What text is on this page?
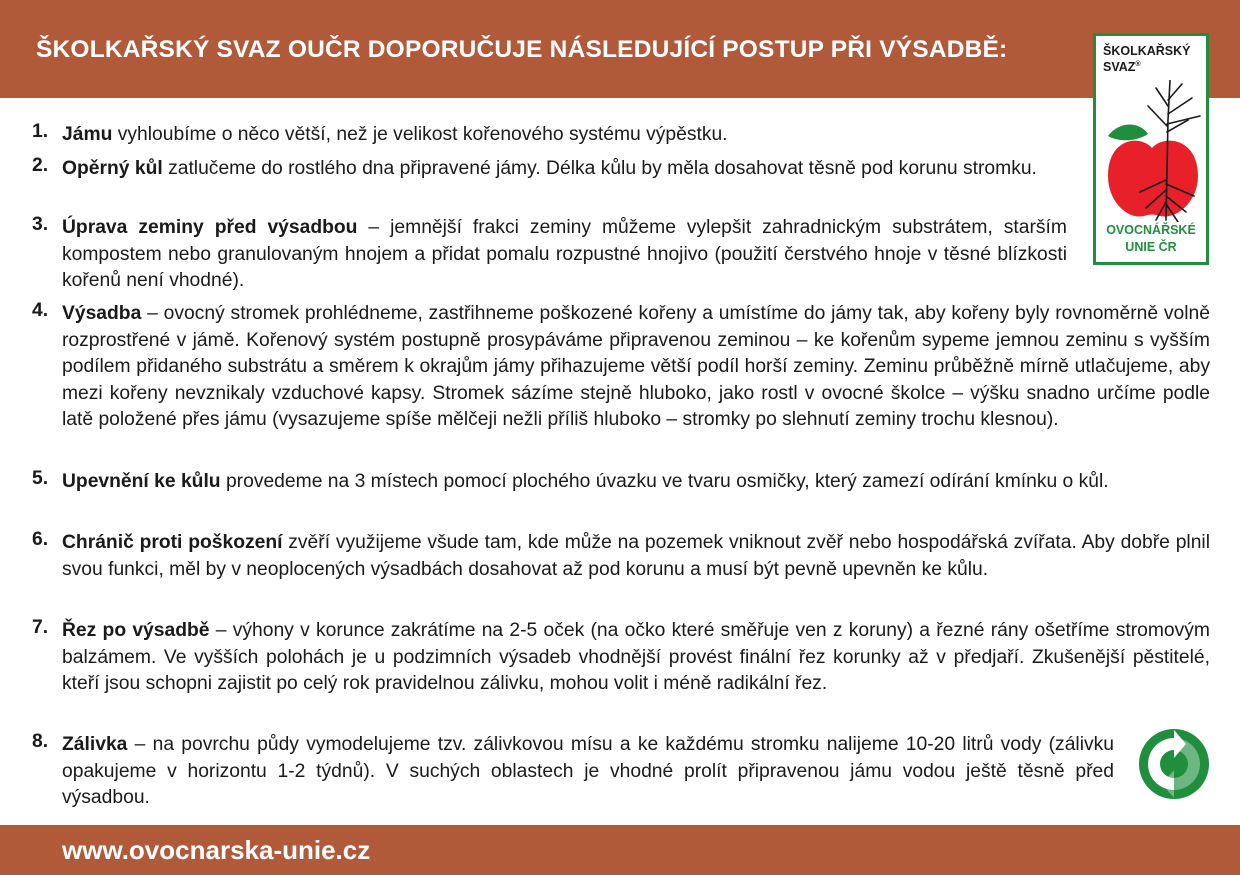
ŠKOLKAŘSKÝ SVAZ OUČR DOPORUČUJE NÁSLEDUJÍCÍ POSTUP PŘI VÝSADBĚ:	ŠKOLKAŘSKÝ
SVAZ®
OVOCNÁŘSKÉ
UNIE ČR
1. Jámu vyhloubíme o něco větší, než je velikost kořenového systému výpěstku.
2. Opěrný kůl zatlučeme do rostlého dna připravené jámy. Délka kůlu by měla dosahovat těsně pod korunu stromku.
3. Úprava zeminy před výsadbou – jemnější frakci zeminy můžeme vylepšit zahradnickým substrátem, starším kompostem nebo granulovaným hnojem a přidat pomalu rozpustné hnojivo (použití čerstvého hnoje v těsné blízkosti kořenů není vhodné).
4. Výsadba – ovocný stromek prohlédneme, zastřihneme poškozené kořeny a umístíme do jámy tak, aby kořeny byly rovnoměrně volně rozprostřené v jámě. Kořenový systém postupně prosypáváme připravenou zeminou – ke kořenům sypeme jemnou zeminu s vyšším podílem přidaného substrátu a směrem k okrajům jámy přihazujeme větší podíl horší zeminy. Zeminu průběžně mírně utlačujeme, aby mezi kořeny nevznikaly vzduchové kapsy. Stromek sázíme stejně hluboko, jako rostl v ovocné školce – výšku snadno určíme podle latě položené přes jámu (vysazujeme spíše mělčeji nežli příliš hluboko – stromky po slehnutí zeminy trochu klesnou).
5. Upevnění ke kůlu provedeme na 3 místech pomocí plochého úvazku ve tvaru osmičky, který zamezí odírání kmínku o kůl.
6. Chránič proti poškození zvěří využijeme všude tam, kde může na pozemek vniknout zvěř nebo hospodářská zvířata. Aby dobře plnil svou funkci, měl by v neoplocených výsadbách dosahovat až pod korunu a musí být pevně upevněn ke kůlu.
7. Řez po výsadbě – výhony v korunce zakrátíme na 2-5 oček (na očko které směřuje ven z koruny) a řezné rány ošetříme stromovým balzámem. Ve vyšších polohách je u podzimních výsadeb vhodnější provést finální řez korunky až v předjaří. Zkušenější pěstitelé, kteří jsou schopni zajistit po celý rok pravidelnou zálivku, mohou volit i méně radikální řez.
8. Zálivka – na povrchu půdy vymodelujeme tzv. zálivkovou mísu a ke každému stromku nalijeme 10-20 litrů vody (zálivku opakujeme v horizontu 1-2 týdnů). V suchých oblastech je vhodné prolít připravenou jámu vodou ještě těsně před výsadbou.
www.ovocnarska-unie.cz
